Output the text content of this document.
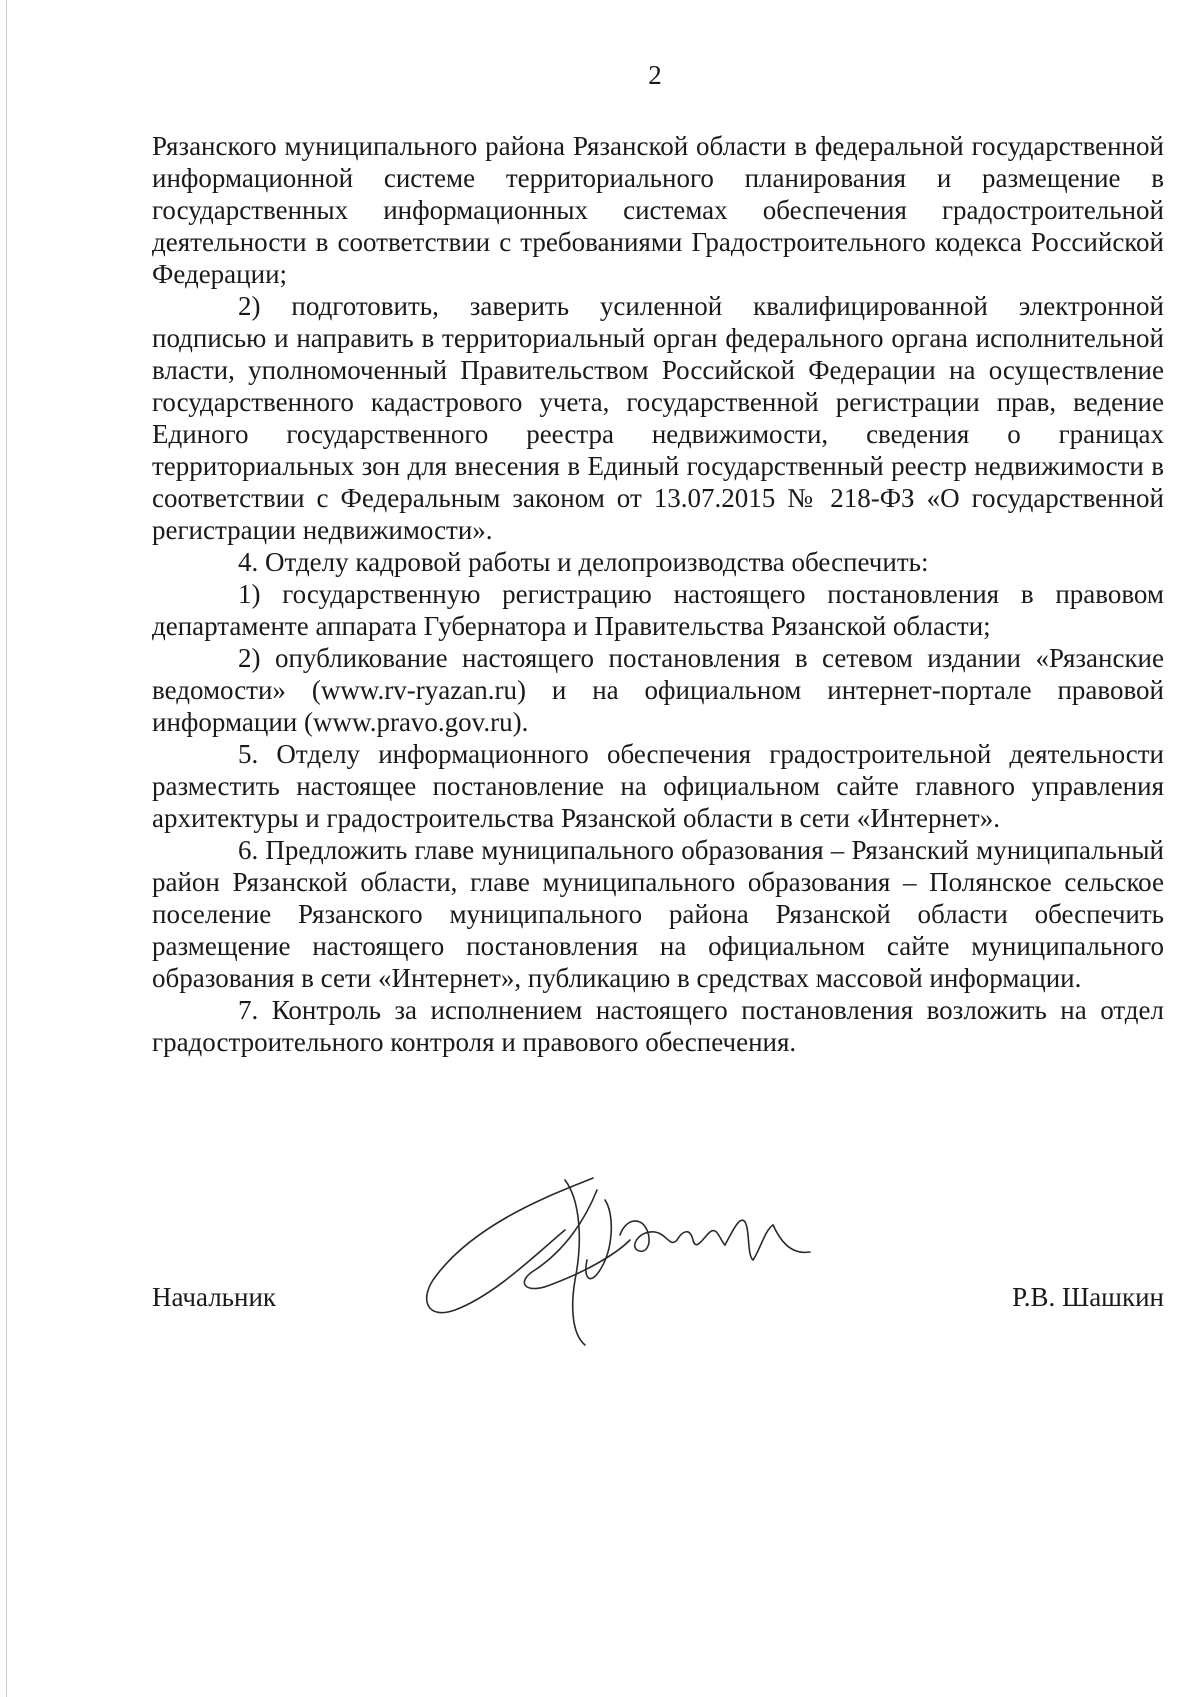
2

Рязанского муниципального района Рязанской области в федеральной государственной информационной системе территориального планирования и размещение в государственных информационных системах обеспечения градостроительной деятельности в соответствии с требованиями Градостроительного кодекса Российской Федерации;

2) подготовить, заверить усиленной квалифицированной электронной подписью и направить в территориальный орган федерального органа исполнительной власти, уполномоченный Правительством Российской Федерации на осуществление государственного кадастрового учета, государственной регистрации прав, ведение Единого государственного реестра недвижимости, сведения о границах территориальных зон для внесения в Единый государственный реестр недвижимости в соответствии с Федеральным законом от 13.07.2015 № 218-ФЗ «О государственной регистрации недвижимости».

4. Отделу кадровой работы и делопроизводства обеспечить:

1) государственную регистрацию настоящего постановления в правовом департаменте аппарата Губернатора и Правительства Рязанской области;

2) опубликование настоящего постановления в сетевом издании «Рязанские ведомости» (www.rv-ryazan.ru) и на официальном интернет-портале правовой информации (www.pravo.gov.ru).

5. Отделу информационного обеспечения градостроительной деятельности разместить настоящее постановление на официальном сайте главного управления архитектуры и градостроительства Рязанской области в сети «Интернет».

6. Предложить главе муниципального образования – Рязанский муниципальный район Рязанской области, главе муниципального образования – Полянское сельское поселение Рязанского муниципального района Рязанской области обеспечить размещение настоящего постановления на официальном сайте муниципального образования в сети «Интернет», публикацию в средствах массовой информации.

7. Контроль за исполнением настоящего постановления возложить на отдел градостроительного контроля и правового обеспечения.

Начальник	Р.В. Шашкин
